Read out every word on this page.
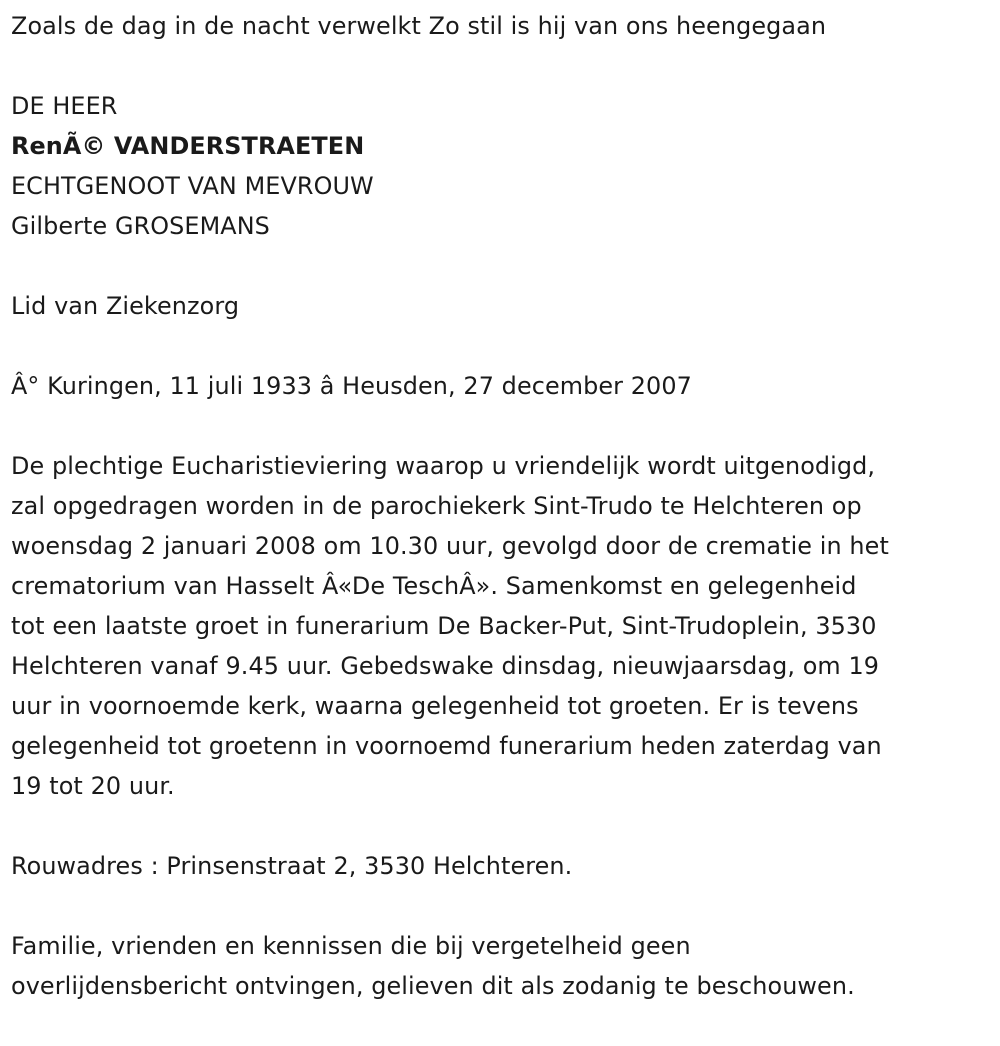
Zoals de dag in de nacht verwelkt Zo stil is hij van ons heengegaan
DE HEER
RenÃ© VANDERSTRAETEN
ECHTGENOOT VAN MEVROUW
Gilberte GROSEMANS
Lid van Ziekenzorg
Â° Kuringen, 11 juli 1933 â Heusden, 27 december 2007
De plechtige Eucharistieviering waarop u vriendelijk wordt uitgenodigd,
zal opgedragen worden in de parochiekerk Sint-Trudo te Helchteren op
woensdag 2 januari 2008 om 10.30 uur, gevolgd door de crematie in het
crematorium van Hasselt Â«De TeschÂ». Samenkomst en gelegenheid
tot een laatste groet in funerarium De Backer-Put, Sint-Trudoplein, 3530
Helchteren vanaf 9.45 uur. Gebedswake dinsdag, nieuwjaarsdag, om 19
uur in voornoemde kerk, waarna gelegenheid tot groeten. Er is tevens
gelegenheid tot groetenn in voornoemd funerarium heden zaterdag van
19 tot 20 uur.
Rouwadres : Prinsenstraat 2, 3530 Helchteren.
Familie, vrienden en kennissen die bij vergetelheid geen
overlijdensbericht ontvingen, gelieven dit als zodanig te beschouwen.
